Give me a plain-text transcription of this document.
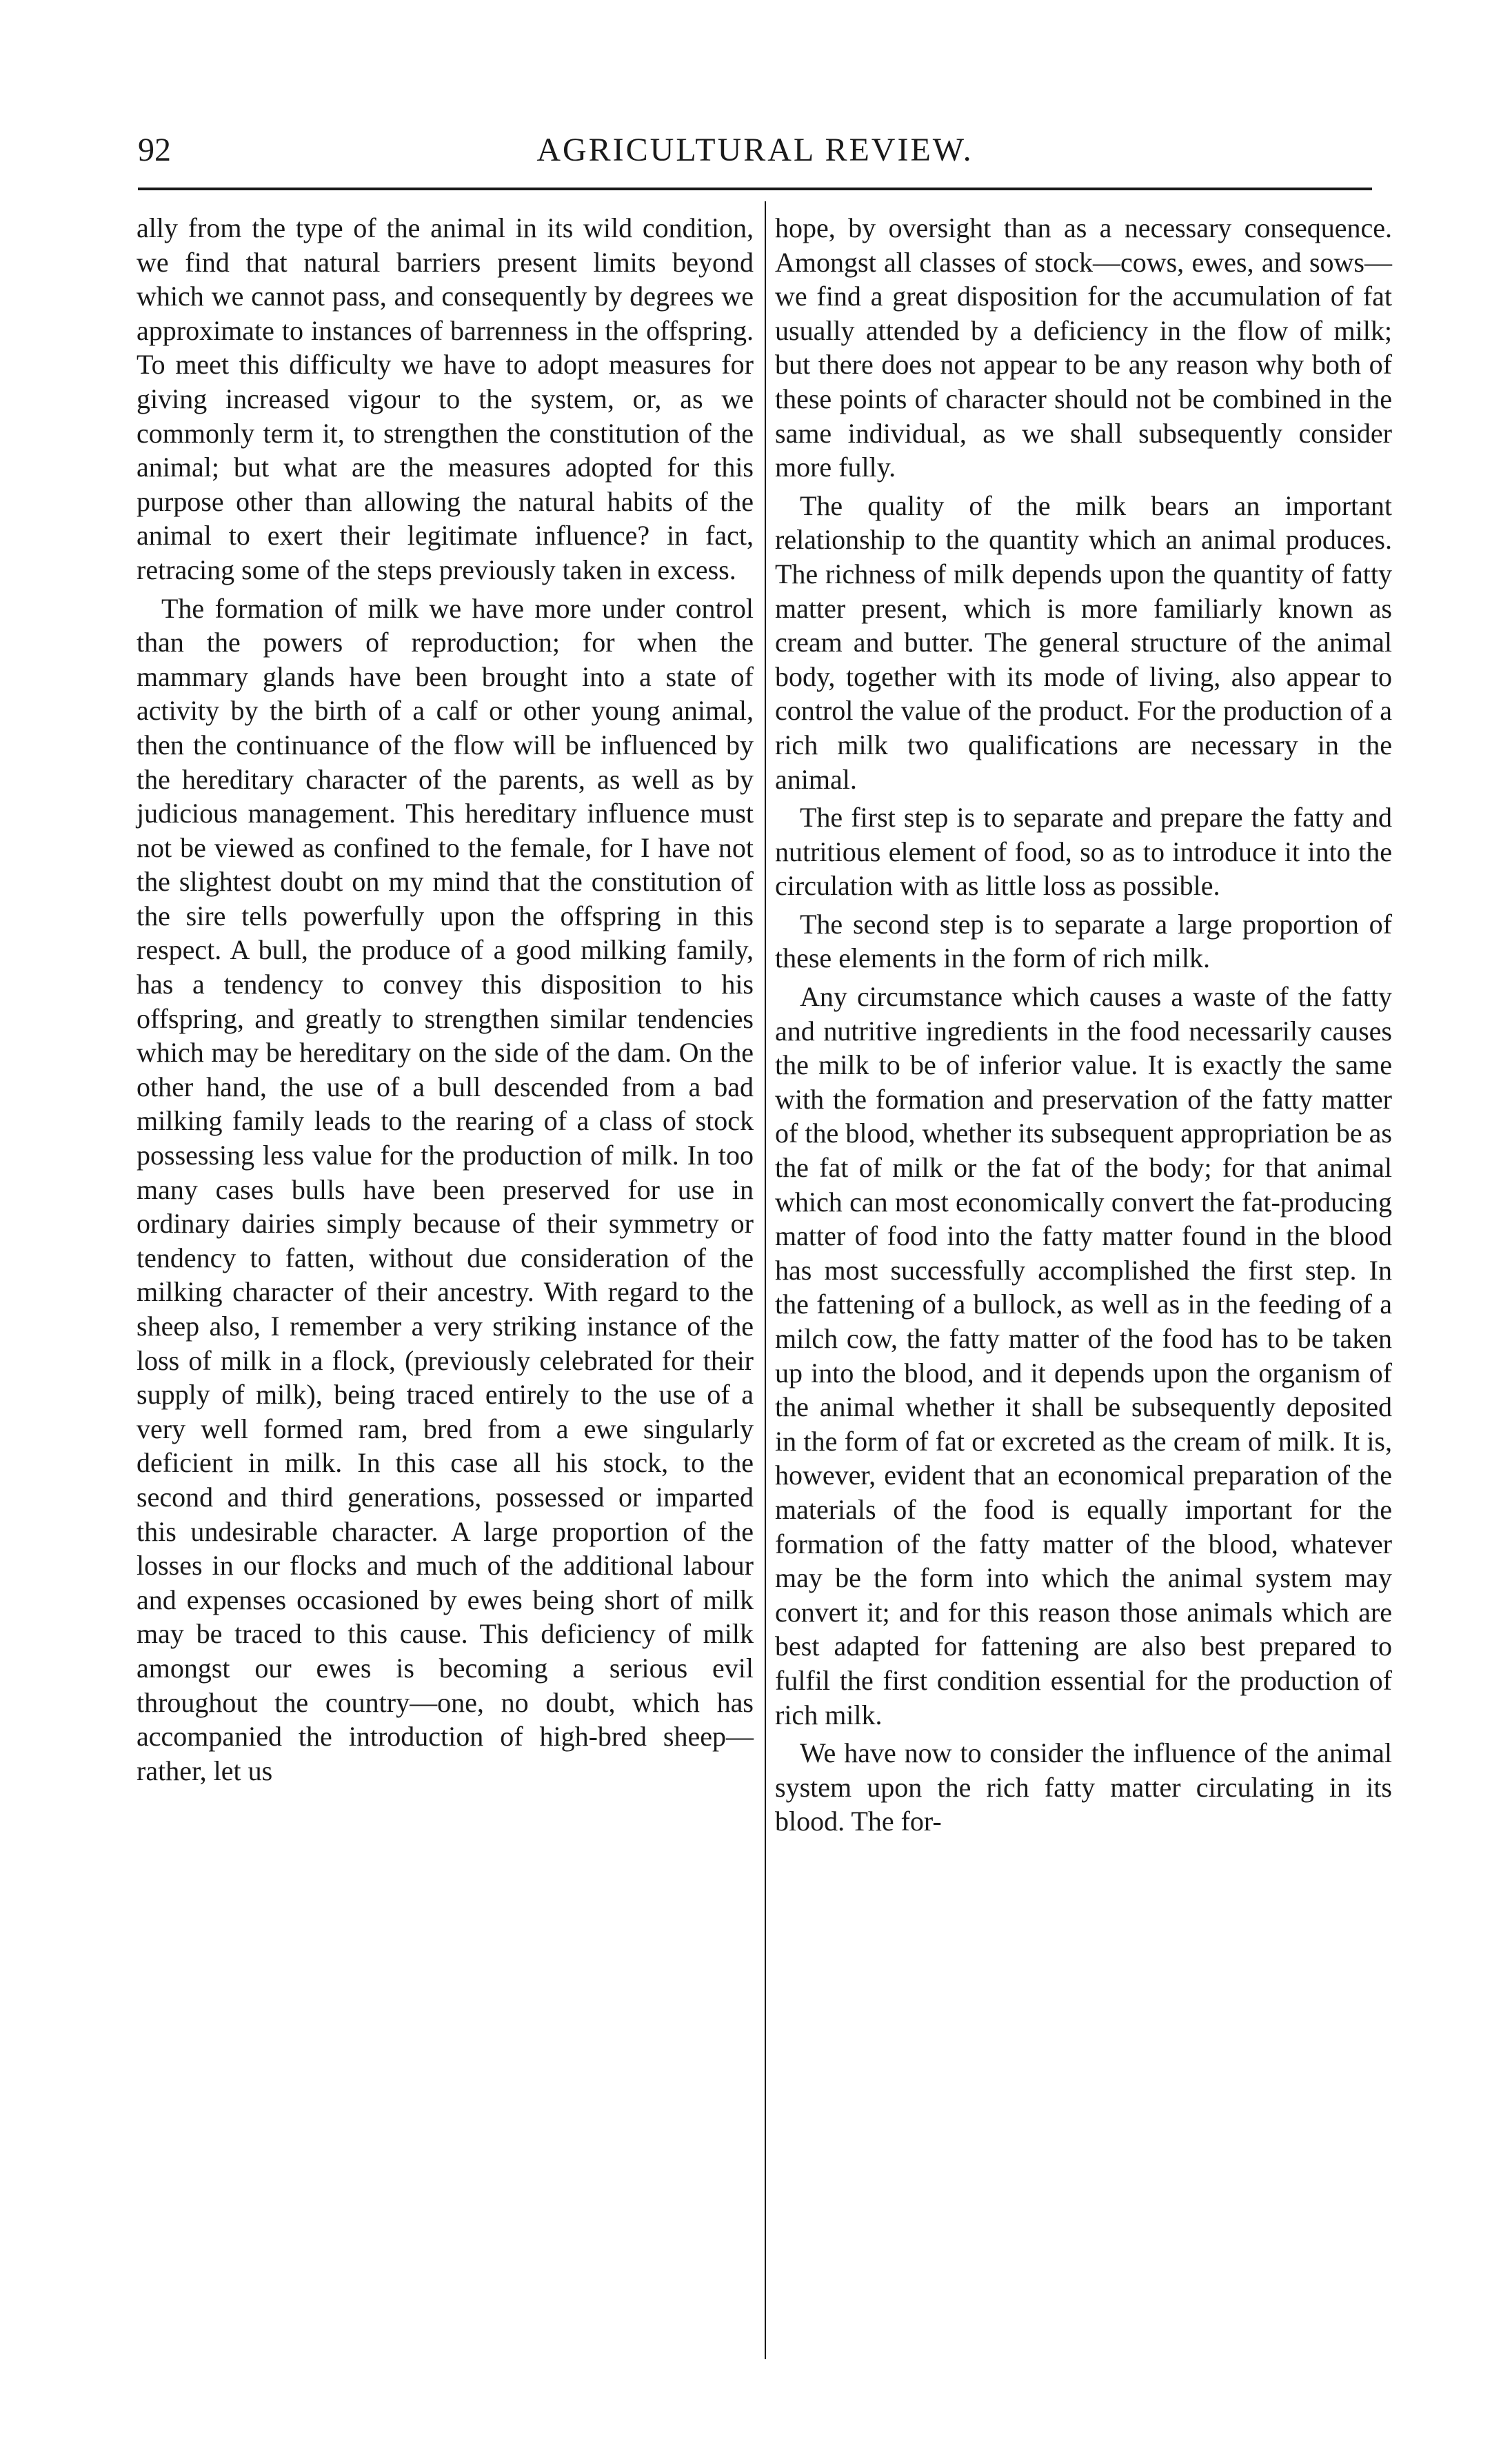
92	AGRICULTURAL REVIEW.

ally from the type of the animal in its wild condition, we find that natural barriers present limits beyond which we cannot pass, and consequently by degrees we approximate to instances of barrenness in the offspring. To meet this difficulty we have to adopt measures for giving increased vigour to the system, or, as we commonly term it, to strengthen the constitution of the animal; but what are the measures adopted for this purpose other than allowing the natural habits of the animal to exert their legitimate influence? in fact, retracing some of the steps previously taken in excess.

The formation of milk we have more under control than the powers of reproduction; for when the mammary glands have been brought into a state of activity by the birth of a calf or other young animal, then the continuance of the flow will be influenced by the hereditary character of the parents, as well as by judicious management. This hereditary influence must not be viewed as confined to the female, for I have not the slightest doubt on my mind that the constitution of the sire tells powerfully upon the offspring in this respect. A bull, the produce of a good milking family, has a tendency to convey this disposition to his offspring, and greatly to strengthen similar tendencies which may be hereditary on the side of the dam. On the other hand, the use of a bull descended from a bad milking family leads to the rearing of a class of stock possessing less value for the production of milk. In too many cases bulls have been preserved for use in ordinary dairies simply because of their symmetry or tendency to fatten, without due consideration of the milking character of their ancestry. With regard to the sheep also, I remember a very striking instance of the loss of milk in a flock, (previously celebrated for their supply of milk), being traced entirely to the use of a very well formed ram, bred from a ewe singularly deficient in milk. In this case all his stock, to the second and third generations, possessed or imparted this undesirable character. A large proportion of the losses in our flocks and much of the additional labour and expenses occasioned by ewes being short of milk may be traced to this cause. This deficiency of milk amongst our ewes is becoming a serious evil throughout the country—one, no doubt, which has accompanied the introduction of high-bred sheep—rather, let us

hope, by oversight than as a necessary consequence. Amongst all classes of stock—cows, ewes, and sows—we find a great disposition for the accumulation of fat usually attended by a deficiency in the flow of milk; but there does not appear to be any reason why both of these points of character should not be combined in the same individual, as we shall subsequently consider more fully.

The quality of the milk bears an important relationship to the quantity which an animal produces. The richness of milk depends upon the quantity of fatty matter present, which is more familiarly known as cream and butter. The general structure of the animal body, together with its mode of living, also appear to control the value of the product. For the production of a rich milk two qualifications are necessary in the animal.

The first step is to separate and prepare the fatty and nutritious element of food, so as to introduce it into the circulation with as little loss as possible.

The second step is to separate a large proportion of these elements in the form of rich milk.

Any circumstance which causes a waste of the fatty and nutritive ingredients in the food necessarily causes the milk to be of inferior value. It is exactly the same with the formation and preservation of the fatty matter of the blood, whether its subsequent appropriation be as the fat of milk or the fat of the body; for that animal which can most economically convert the fat-producing matter of food into the fatty matter found in the blood has most successfully accomplished the first step. In the fattening of a bullock, as well as in the feeding of a milch cow, the fatty matter of the food has to be taken up into the blood, and it depends upon the organism of the animal whether it shall be subsequently deposited in the form of fat or excreted as the cream of milk. It is, however, evident that an economical preparation of the materials of the food is equally important for the formation of the fatty matter of the blood, whatever may be the form into which the animal system may convert it; and for this reason those animals which are best adapted for fattening are also best prepared to fulfil the first condition essential for the production of rich milk.

We have now to consider the influence of the animal system upon the rich fatty matter circulating in its blood. The for-
